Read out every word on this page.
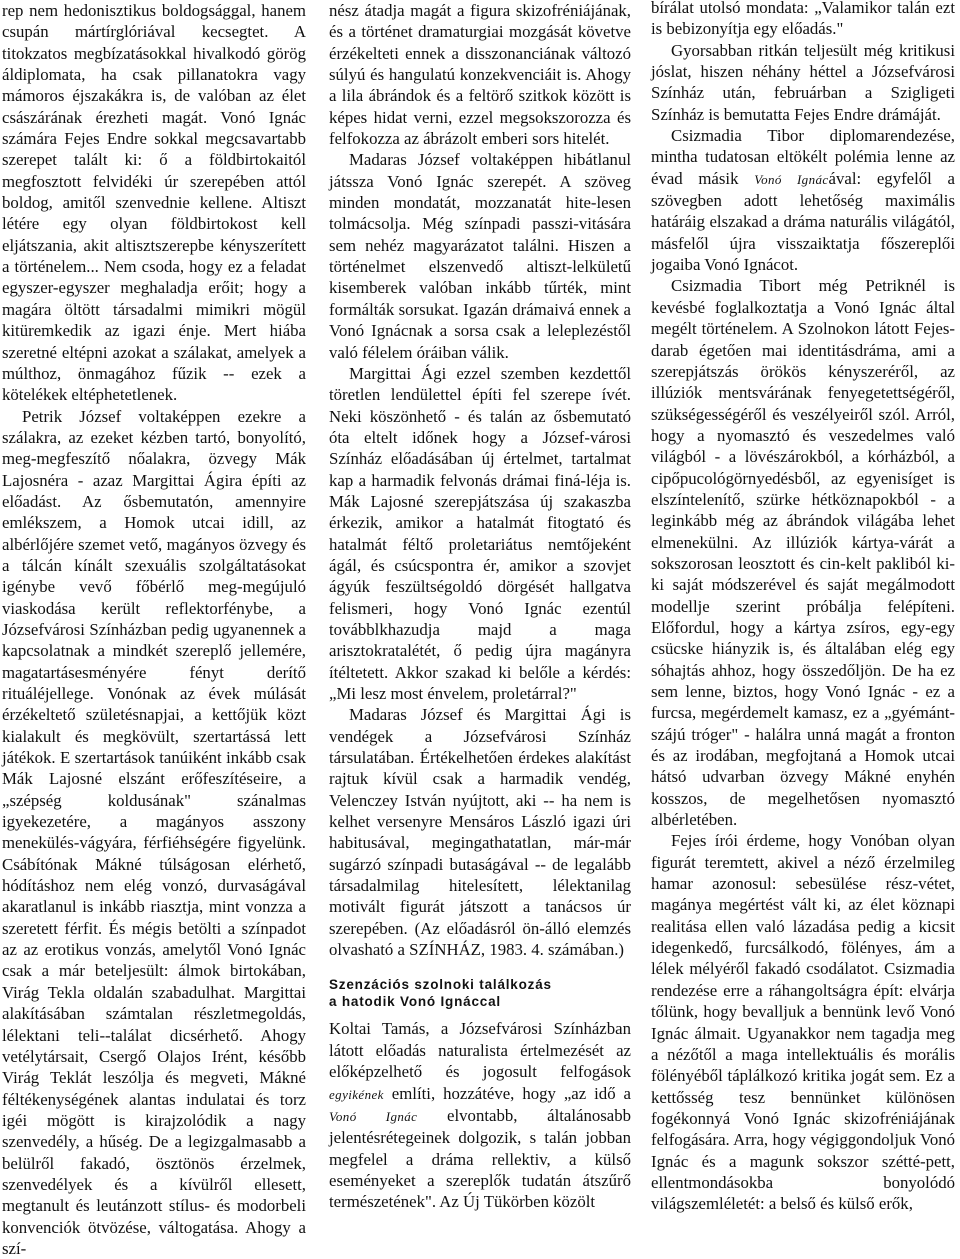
rep nem hedonisztikus boldogsággal, hanem csupán mártírglóriával kecsegtet. A titokzatos megbízatásokkal hivalkodó görög áldiplomata, ha csak pillanatokra vagy mámoros éjszakákra is, de valóban az élet császárának érezheti magát. Vonó Ignác számára Fejes Endre sokkal megcsavartabb szerepet talált ki: ő a földbirtokaitól megfosztott felvidéki úr szerepében attól boldog, amitől szenvednie kellene. Altiszt létére egy olyan földbirtokost kell eljátszania, akit altisztszerepbe kényszerített a történelem... Nem csoda, hogy ez a feladat egyszer-egyszer meghaladja erőit; hogy a magára öltött társadalmi mimikri mögül kitüremkedik az igazi énje. Mert hiába szeretné eltépni azokat a szálakat, amelyek a múlthoz, önmagához fűzik -- ezek a kötelékek eltéphetetlenek.

Petrik József voltaképpen ezekre a szálakra, az ezeket kézben tartó, bonyolító, meg-megfeszítő nőalakra, özvegy Mák Lajosnéra - azaz Margittai Ágira építi az előadást. Az ősbemutatón, amennyire emlékszem, a Homok utcai idill, az albérlőjére szemet vető, magányos özvegy és a tálcán kínált szexuális szolgáltatásokat igénybe vevő főbérlő meg-megújuló viaskodása került reflektorfénybe, a Józsefvárosi Színházban pedig ugyanennek a kapcsolatnak a mindkét szereplő jellemére, magatartásesményére fényt derítő rituáléjellege. Vonónak az évek múlását érzékeltető születésnapjai, a kettőjük közt kialakult és megkövült, szertartássá lett játékok. E szertartások tanúiként inkább csak Mák Lajosné elszánt erőfeszítéseire, a „szépség koldusának" szánalmas igyekezetére, a magányos asszony menekülés-vágyára, férfiéhségére figyelünk. Csábítónak Mákné túlságosan elérhető, hódításhoz nem elég vonzó, durvaságával akaratlanul is inkább riasztja, mint vonzza a szeretett férfit. És mégis betölti a színpadot az az erotikus vonzás, amelytől Vonó Ignác csak a már beteljesült: álmok birtokában, Virág Tekla oldalán szabadulhat. Margittai alakításában számtalan részletmegoldás, lélektani teli--találat dicsérhető. Ahogy vetélytársait, Csergő Olajos Irént, később Virág Teklát leszólja és megveti, Mákné féltékenységének alantas indulatai és torz igéi mögött is kirajzolódik a nagy szenvedély, a hűség. De a legizgalmasabb a belülről fakadó, ösztönös érzelmek, szenvedélyek és a kívülről ellesett, megtanult és leutánzott stílus- és modorbeli konvenciók ötvözése, váltogatása. Ahogy a szí-

nész átadja magát a figura skizofréniájának, és a történet dramaturgiai mozgását követve érzékelteti ennek a disszonanciának változó súlyú és hangulatú konzekvenciáit is. Ahogy a lila ábrándok és a feltörő szitkok között is képes hidat verni, ezzel megsokszorozza és felfokozza az ábrázolt emberi sors hitelét.

Madaras József voltaképpen hibátlanul játssza Vonó Ignác szerepét. A szöveg minden mondatát, mozzanatát hite-lesen tolmácsolja. Még színpadi passzi-vitására sem nehéz magyarázatot találni. Hiszen a történelmet elszenvedő altiszt-lelkületű kisemberek valóban inkább tűrték, mint formálták sorsukat. Igazán drámaivá ennek a Vonó Ignácnak a sorsa csak a leleplezéstől való félelem óráiban válik.

Margittai Ági ezzel szemben kezdettől töretlen lendülettel építi fel szerepe ívét. Neki köszönhető - és talán az ősbemutató óta eltelt időnek hogy a József-városi Színház előadásában új értelmet, tartalmat kap a harmadik felvonás drámai finá-léja is. Mák Lajosné szerepjátszása új szakaszba érkezik, amikor a hatalmát fitogtató és hatalmát féltő proletariátus nemtőjeként ágál, és csúcspontra ér, amikor a szovjet ágyúk feszültségoldó dörgését hallgatva felismeri, hogy Vonó Ignác ezentúl továbblkhazudja majd a maga arisztokratalétét, ő pedig újra magányra ítéltetett. Akkor szakad ki belőle a kérdés: „Mi lesz most énvelem, proletárral?"

Madaras József és Margittai Ági is vendégek a Józsefvárosi Színház társulatában. Értékelhetően érdekes alakítást rajtuk kívül csak a harmadik vendég, Velenczey István nyújtott, aki -- ha nem is kelhet versenyre Mensáros László igazi úri habitusával, megingathatatlan, már-már sugárzó színpadi butaságával -- de legalább társadalmilag hitelesített, lélektanilag motivált figurát játszott a tanácsos úr szerepében. (Az előadásról ön-álló elemzés olvasható a SZÍNHÁZ, 1983. 4. számában.)

Szenzációs szolnoki találkozás
a hatodik Vonó Ignáccal

Koltai Tamás, a Józsefvárosi Színházban látott előadás naturalista értelmezését az előképzelhető és jogosult felfogások egyikének említi, hozzátéve, hogy „az idő a Vonó Ignác elvontabb, általánosabb jelentésrétegeinek dolgozik, s talán jobban megfelel a dráma rellektiv, a külső eseményeket a szereplők tudatán átszűrő természetének". Az Új Tükörben közölt

bírálat utolsó mondata: „Valamikor talán ezt is bebizonyítja egy előadás."

Gyorsabban ritkán teljesült még kritikusi jóslat, hiszen néhány héttel a Józsefvárosi Színház után, februárban a Szigligeti Színház is bemutatta Fejes Endre drámáját.

Csizmadia Tibor diplomarendezése, mintha tudatosan eltökélt polémia lenne az évad másik Vonó Ignácával: egyfelől a szövegben adott lehetőség maximális határáig elszakad a dráma naturális világától, másfelől újra visszaiktatja főszereplői jogaiba Vonó Ignácot.

Csizmadia Tibort még Petriknél is kevésbé foglalkoztatja a Vonó Ignác által megélt történelem. A Szolnokon látott Fejes-darab égetően mai identitásdráma, ami a szerepjátszás örökös kényszeréről, az illúziók mentsvárának fenyegetettségéről, szükségességéről és veszélyeiről szól. Arról, hogy a nyomasztó és veszedelmes való világból - a lövészárokból, a kórházból, a cipőpucológörnyedésből, az egyenisíget is elszíntelenítő, szürke hétköznapokból - a leginkább még az ábrándok világába lehet elmenekülni. Az illúziók kártya-várát a sokszorosan leosztott és cin-kelt pakliból ki-ki saját módszerével és saját megálmodott modellje szerint próbálja felépíteni. Előfordul, hogy a kártya zsíros, egy-egy csücske hiányzik is, és általában elég egy sóhajtás ahhoz, hogy összedőljön. De ha ez sem lenne, biztos, hogy Vonó Ignác - ez a furcsa, megérdemelt kamasz, ez a „gyémánt-szájú tróger" - halálra unná magát a fronton és az irodában, megfojtaná a Homok utcai hátsó udvarban özvegy Mákné enyhén kosszos, de megelhetősen nyomasztó albérletében.

Fejes írói érdeme, hogy Vonóban olyan figurát teremtett, akivel a néző érzelmileg hamar azonosul: sebesülése rész-vétet, magánya megértést vált ki, az élet köznapi realitása ellen való lázadása pedig a kicsit idegenkedő, furcsálkodó, fölényes, ám a lélek mélyéről fakadó csodálatot. Csizmadia rendezése erre a ráhangoltságra épít: elvárja tőlünk, hogy bevalljuk a bennünk levő Vonó Ignác álmait. Ugyanakkor nem tagadja meg a nézőtől a maga intellektuális és morális fölényéből táplálkozó kritika jogát sem. Ez a kettősség tesz bennünket különösen fogékonnyá Vonó Ignác skizofréniájának felfogására. Arra, hogy végiggondoljuk Vonó Ignác és a magunk sokszor szétté-pett, ellentmondásokba bonyolódó világszemléletét: a belső és külső erők,
